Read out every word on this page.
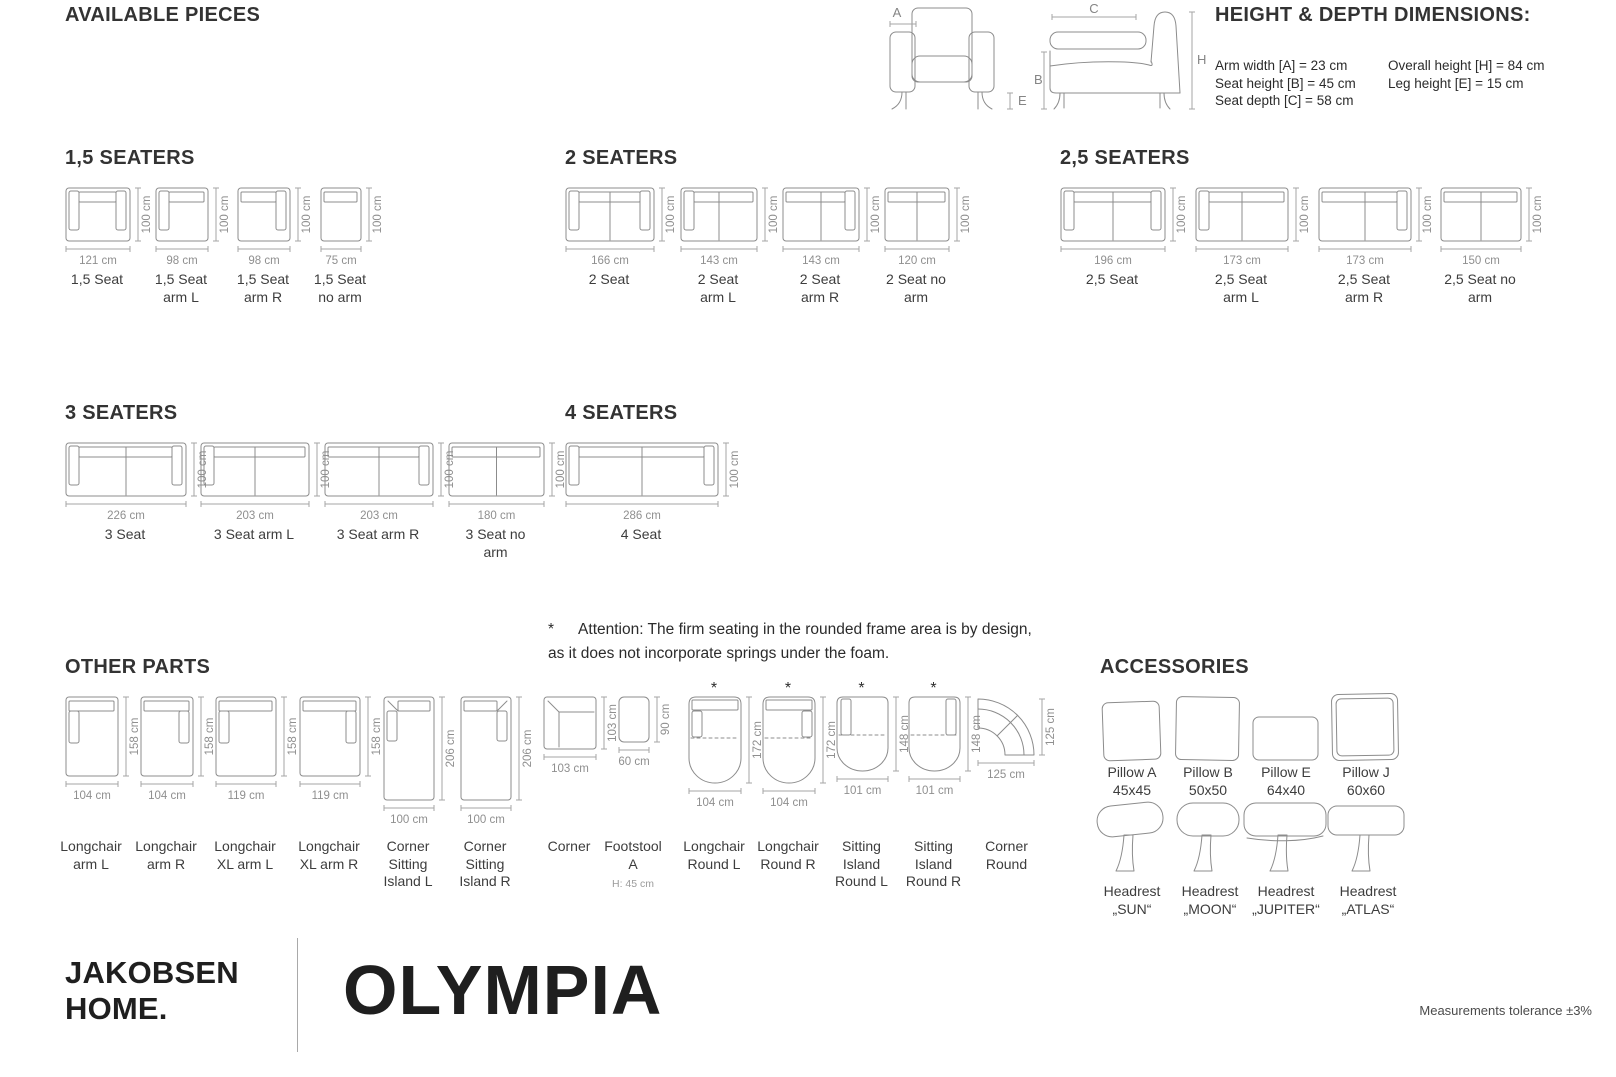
AVAILABLE PIECES	A
E
C
B
H
HEIGHT & DEPTH DIMENSIONS:
Arm width [A] = 23 cm
Seat height [B] = 45 cm
Seat depth [C] = 58 cm
Overall height [H] = 84 cm
Leg height [E] = 15 cm
1,5 SEATERS
121 cm
100 cm
1,5 Seat
98 cm
100 cm
1,5 Seat
arm L
98 cm
100 cm
1,5 Seat
arm R
75 cm
100 cm
1,5 Seat
no arm
2 SEATERS
166 cm
100 cm
2 Seat
143 cm
100 cm
2 Seat
arm L
143 cm
100 cm
2 Seat
arm R
120 cm
100 cm
2 Seat no
arm
2,5 SEATERS
196 cm
100 cm
2,5 Seat
173 cm
100 cm
2,5 Seat
arm L
173 cm
100 cm
2,5 Seat
arm R
150 cm
100 cm
2,5 Seat no
arm
3 SEATERS
226 cm
100 cm
3 Seat
203 cm
100 cm
3 Seat arm L
203 cm
100 cm
3 Seat arm R
180 cm
100 cm
3 Seat no
arm
4 SEATERS
286 cm
100 cm
4 Seat
104 cm
158 cm
Longchair
arm L
104 cm
158 cm
Longchair
arm R
119 cm
158 cm
Longchair
XL arm L
119 cm
158 cm
Longchair
XL arm R
100 cm
206 cm
Corner
Sitting
Island L
100 cm
206 cm
Corner
Sitting
Island R
103 cm
103 cm
Corner
60 cm
90 cm
Footstool
A
H: 45 cm
*
104 cm
172 cm
Longchair
Round L
*
104 cm
172 cm
Longchair
Round R
*
101 cm
148 cm
Sitting
Island
Round L
*
101 cm
148 cm
Sitting
Island
Round R
125 cm
125 cm
Corner
Round
Pillow A
45x45
Pillow B
50x50
Pillow E
64x40
Pillow J
60x60
Headrest
„SUN“
Headrest
„MOON“
Headrest
„JUPITER“
Headrest
„ATLAS“
* Attention: The firm seating in the rounded frame area is by design,
as it does not incorporate springs under the foam.
OTHER PARTS	ACCESSORIES
JAKOBSEN
HOME.	OLYMPIA	Measurements tolerance ±3%
